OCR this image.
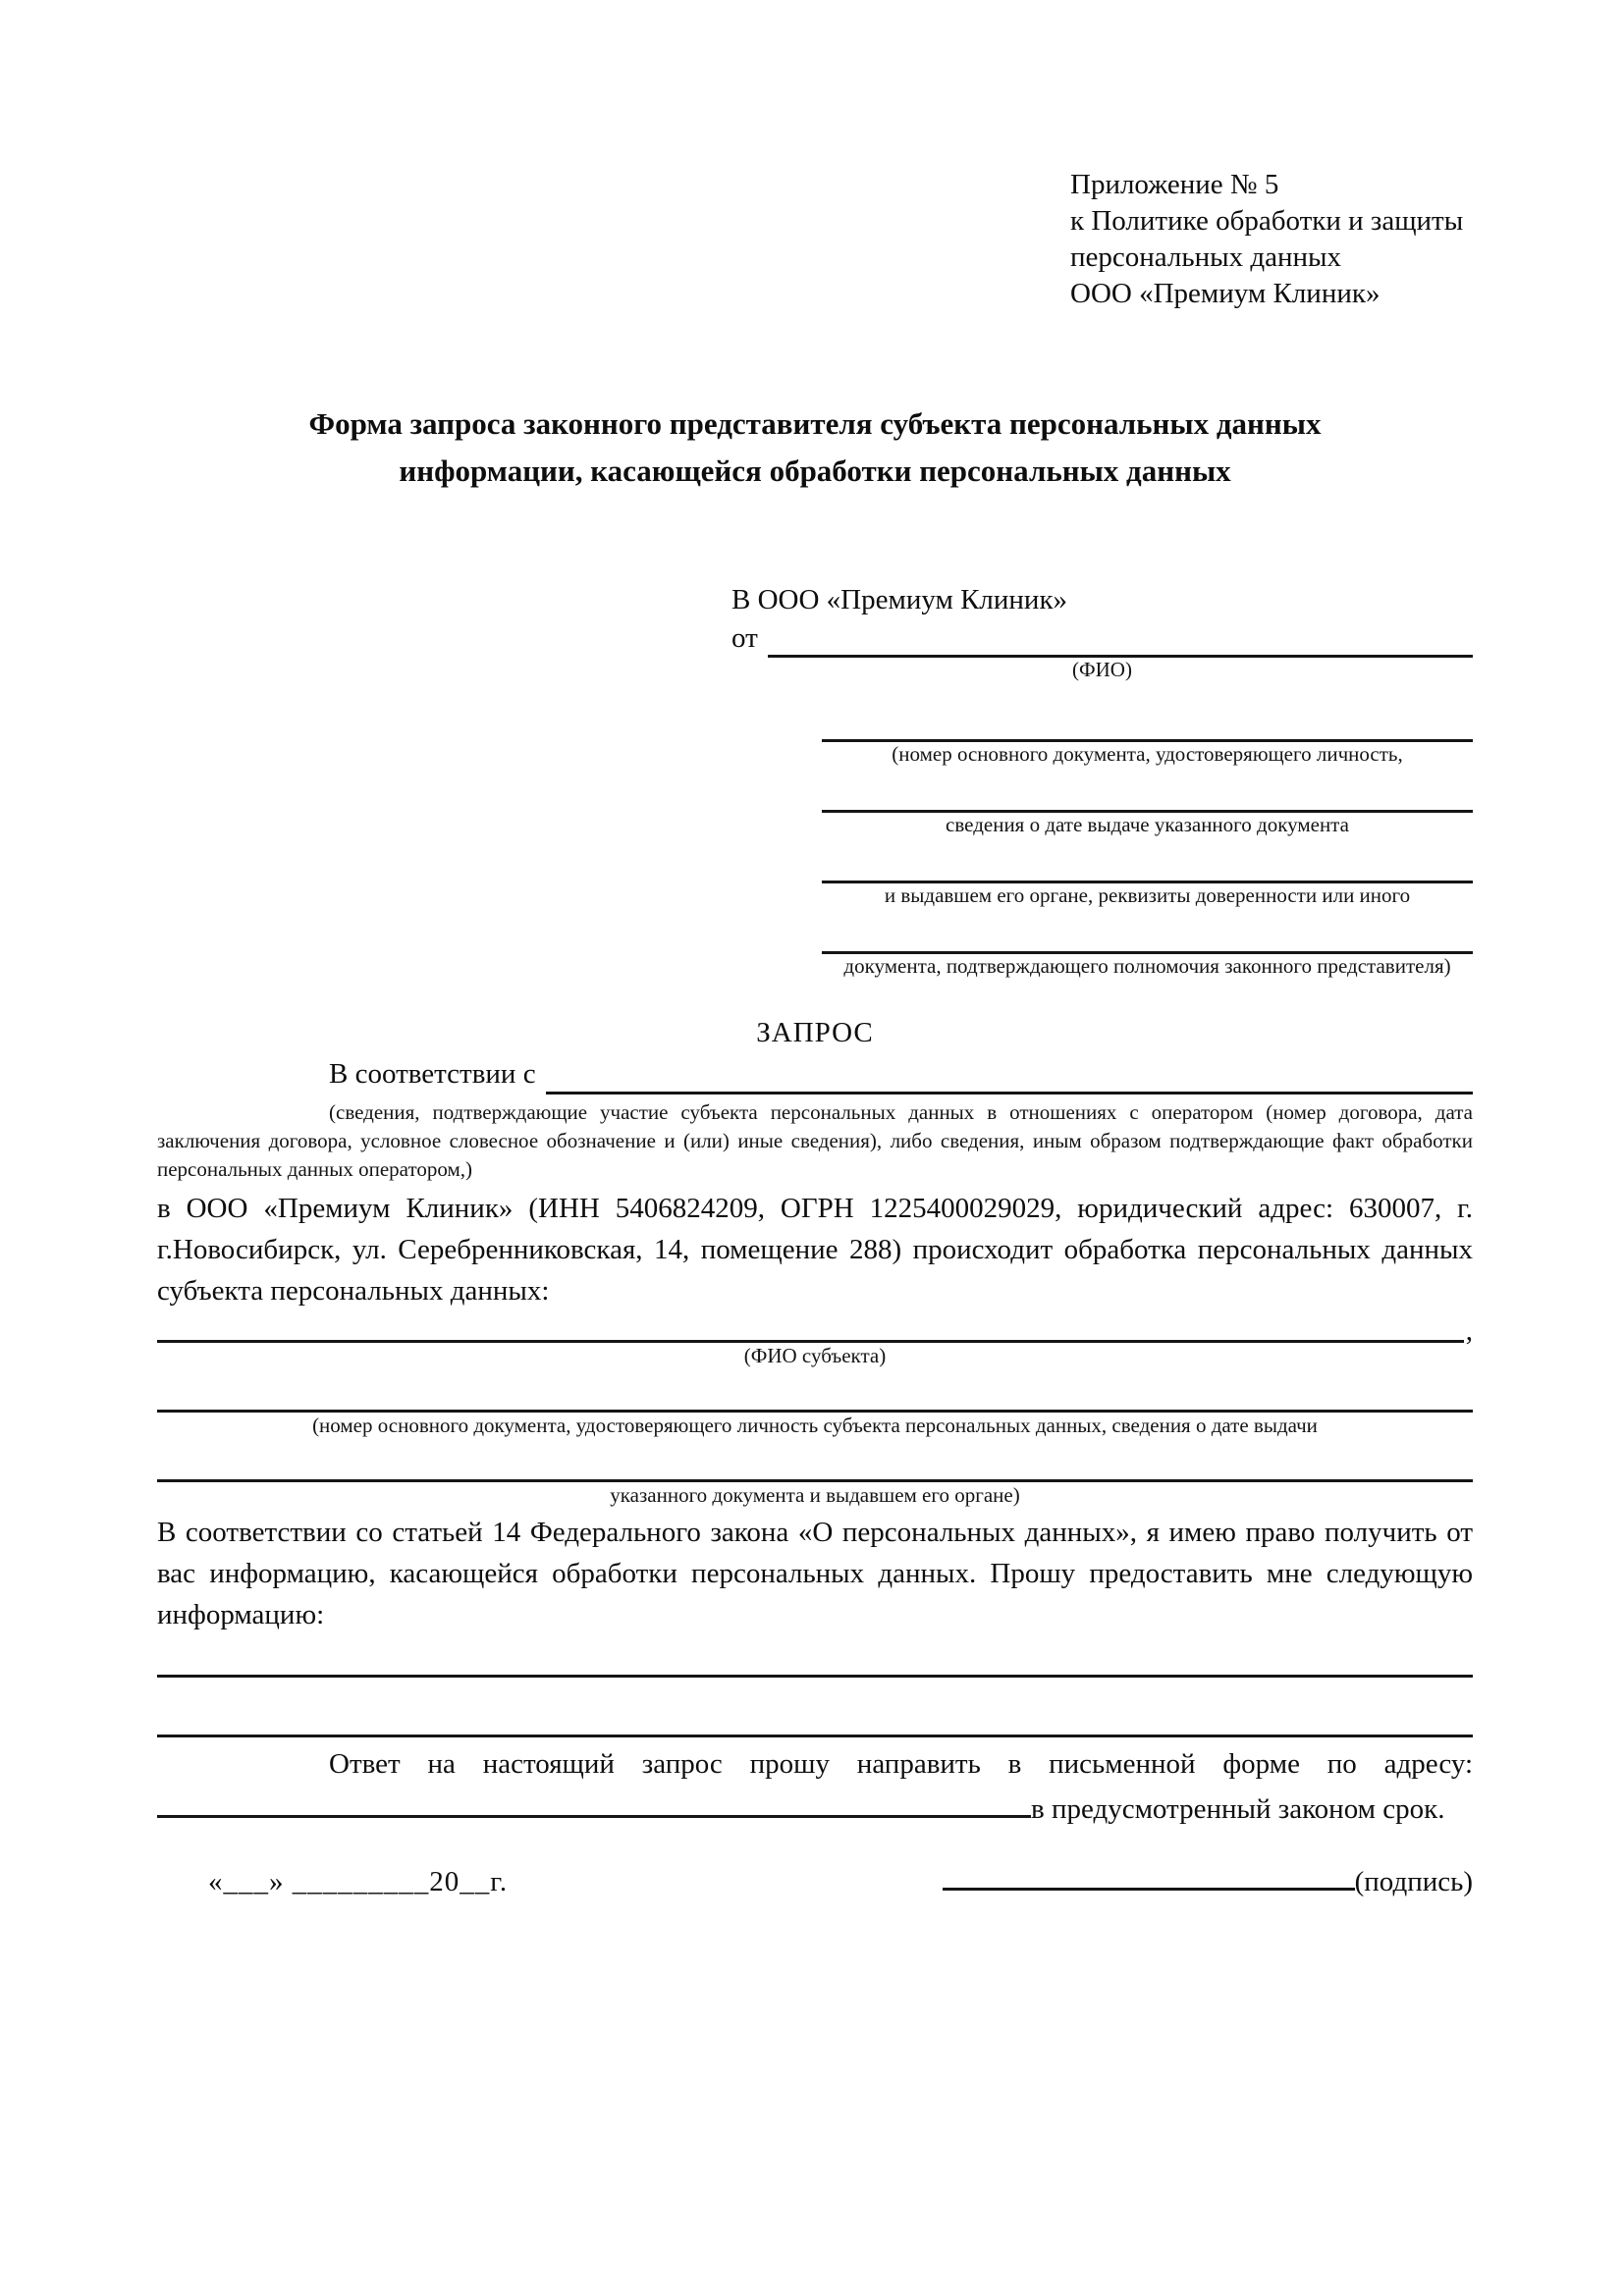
Приложение № 5
к Политике обработки и защиты
персональных данных
ООО «Премиум Клиник»
Форма запроса законного представителя субъекта персональных данных информации, касающейся обработки персональных данных
В ООО «Премиум Клиник»
от
(ФИО)
(номер основного документа, удостоверяющего личность,
сведения о дате выдаче указанного документа
и выдавшем его органе, реквизиты доверенности или иного
документа, подтверждающего полномочия законного представителя)
ЗАПРОС
В соответствии с
(сведения, подтверждающие участие субъекта персональных данных в отношениях с оператором (номер договора, дата заключения договора, условное словесное обозначение и (или) иные сведения), либо сведения, иным образом подтверждающие факт обработки персональных данных оператором,)
в ООО «Премиум Клиник» (ИНН 5406824209, ОГРН 1225400029029, юридический адрес: 630007, г. г.Новосибирск, ул. Серебренниковская, 14, помещение 288) происходит обработка персональных данных субъекта персональных данных:
,
(ФИО субъекта)
(номер основного документа, удостоверяющего личность субъекта персональных данных, сведения о дате выдачи
указанного документа и выдавшем его органе)
В соответствии со статьей 14 Федерального закона «О персональных данных», я имею право получить от вас информацию, касающейся обработки персональных данных. Прошу предоставить мне следующую информацию:
Ответ на настоящий запрос прошу направить в письменной форме по адресу: в предусмотренный законом срок.
«___» _________20__г.	(подпись)
